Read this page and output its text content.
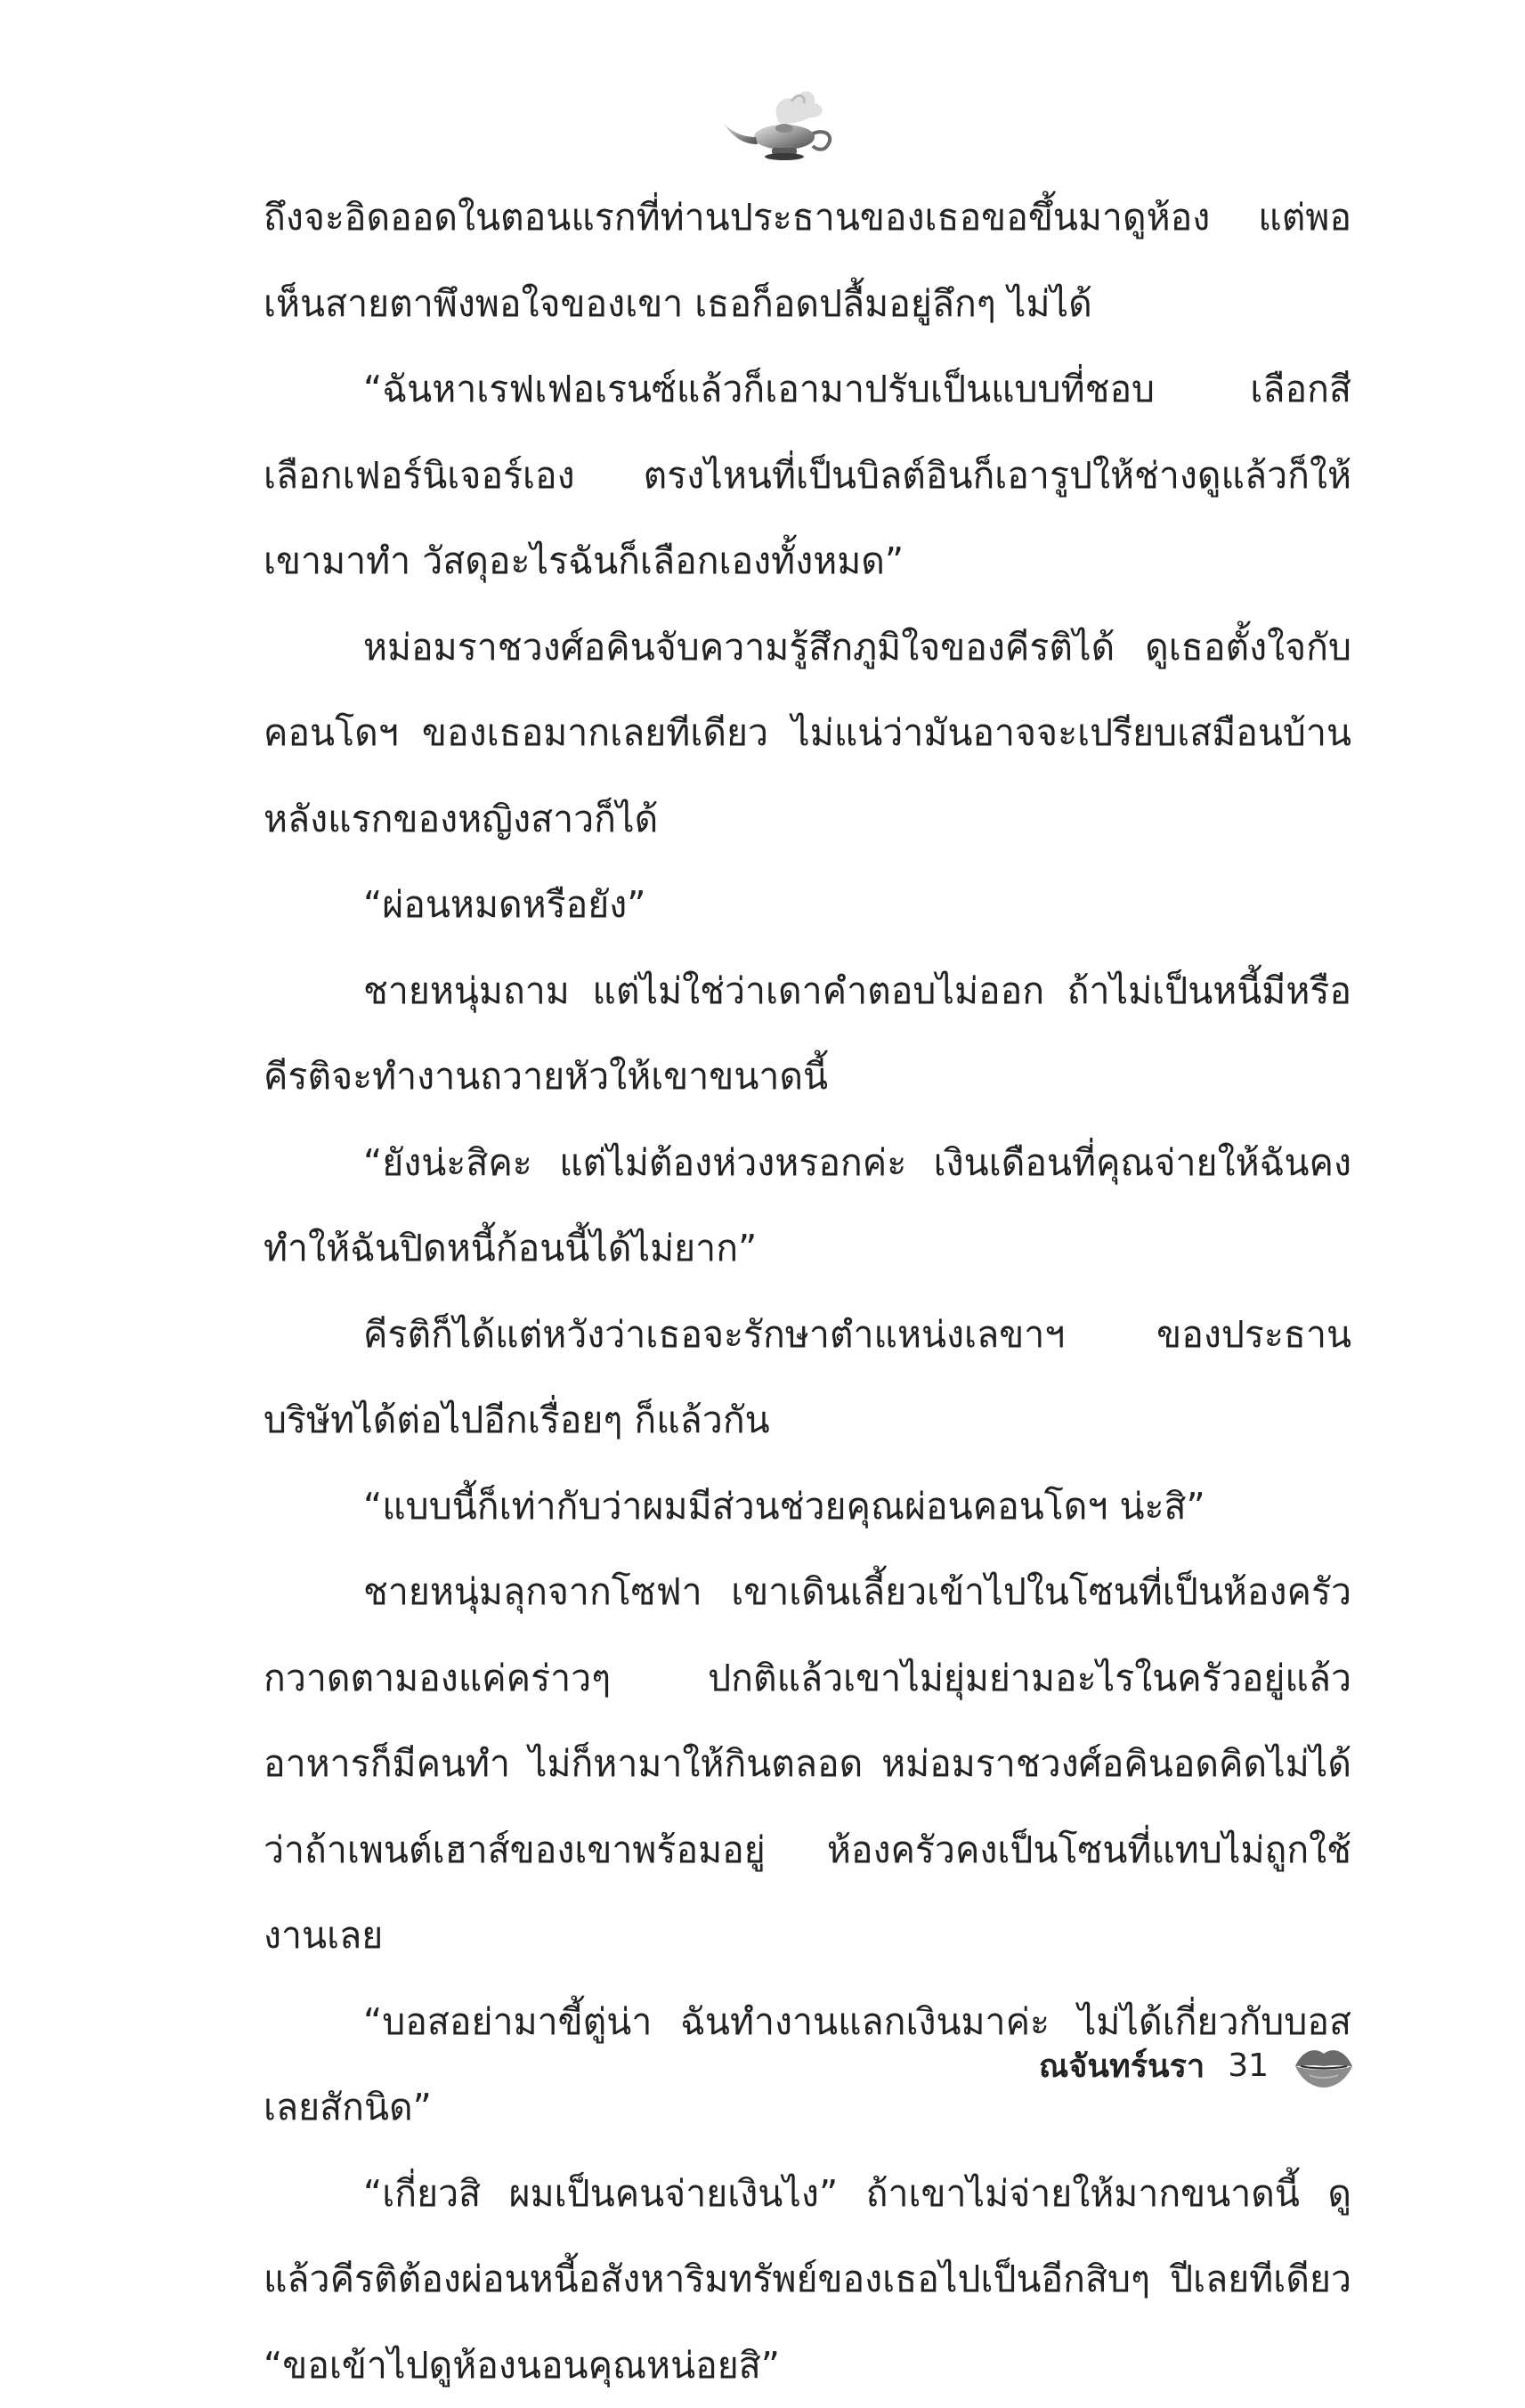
ถึงจะอิดออดในตอนแรกที่ท่านประธานของเธอขอขึ้นมาดูห้อง แต่พอเห็นสายตาพึงพอใจของเขา เธอก็อดปลื้มอยู่ลึกๆ ไม่ได้

“ฉันหาเรฟเฟอเรนซ์แล้วก็เอามาปรับเป็นแบบที่ชอบ เลือกสี เลือกเฟอร์นิเจอร์เอง ตรงไหนที่เป็นบิลต์อินก็เอารูปให้ช่างดูแล้วก็ให้เขามาทำ วัสดุอะไรฉันก็เลือกเองทั้งหมด”

หม่อมราชวงศ์อคินจับความรู้สึกภูมิใจของคีรติได้ ดูเธอตั้งใจกับคอนโดฯ ของเธอมากเลยทีเดียว ไม่แน่ว่ามันอาจจะเปรียบเสมือนบ้านหลังแรกของหญิงสาวก็ได้

“ผ่อนหมดหรือยัง”

ชายหนุ่มถาม แต่ไม่ใช่ว่าเดาคำตอบไม่ออก ถ้าไม่เป็นหนี้มีหรือคีรติจะทำงานถวายหัวให้เขาขนาดนี้

“ยังน่ะสิคะ แต่ไม่ต้องห่วงหรอกค่ะ เงินเดือนที่คุณจ่ายให้ฉันคงทำให้ฉันปิดหนี้ก้อนนี้ได้ไม่ยาก”

คีรติก็ได้แต่หวังว่าเธอจะรักษาตำแหน่งเลขาฯ ของประธานบริษัทได้ต่อไปอีกเรื่อยๆ ก็แล้วกัน

“แบบนี้ก็เท่ากับว่าผมมีส่วนช่วยคุณผ่อนคอนโดฯ น่ะสิ”

ชายหนุ่มลุกจากโซฟา เขาเดินเลี้ยวเข้าไปในโซนที่เป็นห้องครัว กวาดตามองแค่คร่าวๆ ปกติแล้วเขาไม่ยุ่มย่ามอะไรในครัวอยู่แล้ว อาหารก็มีคนทำ ไม่ก็หามาให้กินตลอด หม่อมราชวงศ์อคินอดคิดไม่ได้ว่าถ้าเพนต์เฮาส์ของเขาพร้อมอยู่ ห้องครัวคงเป็นโซนที่แทบไม่ถูกใช้งานเลย

“บอสอย่ามาขี้ตู่น่า ฉันทำงานแลกเงินมาค่ะ ไม่ได้เกี่ยวกับบอสเลยสักนิด”

“เกี่ยวสิ ผมเป็นคนจ่ายเงินไง” ถ้าเขาไม่จ่ายให้มากขนาดนี้ ดูแล้วคีรติต้องผ่อนหนี้อสังหาริมทรัพย์ของเธอไปเป็นอีกสิบๆ ปีเลยทีเดียว “ขอเข้าไปดูห้องนอนคุณหน่อยสิ”

ณจันทร์นรา 31
